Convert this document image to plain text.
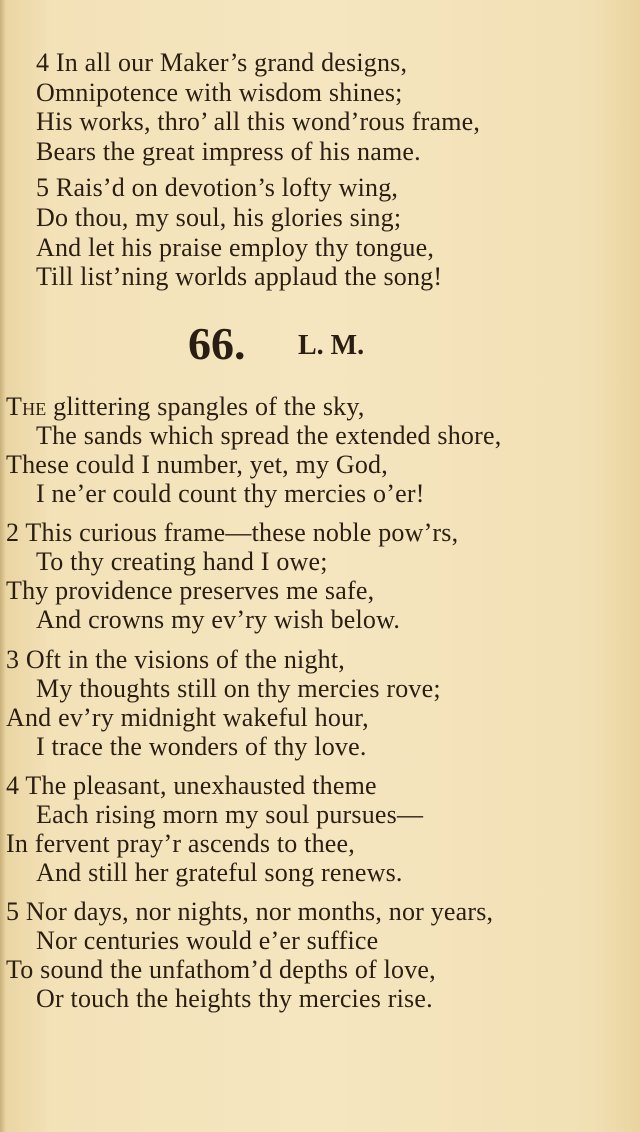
4 In all our Maker’s grand designs,
Omnipotence with wisdom shines;
His works, thro’ all this wond’rous frame,
Bears the great impress of his name.
5 Rais’d on devotion’s lofty wing,
Do thou, my soul, his glories sing;
And let his praise employ thy tongue,
Till list’ning worlds applaud the song!
66. L. M.
The glittering spangles of the sky,
The sands which spread the extended shore,
These could I number, yet, my God,
I ne’er could count thy mercies o’er!
2 This curious frame—these noble pow’rs,
To thy creating hand I owe;
Thy providence preserves me safe,
And crowns my ev’ry wish below.
3 Oft in the visions of the night,
My thoughts still on thy mercies rove;
And ev’ry midnight wakeful hour,
I trace the wonders of thy love.
4 The pleasant, unexhausted theme
Each rising morn my soul pursues—
In fervent pray’r ascends to thee,
And still her grateful song renews.
5 Nor days, nor nights, nor months, nor years,
Nor centuries would e’er suffice
To sound the unfathom’d depths of love,
Or touch the heights thy mercies rise.
